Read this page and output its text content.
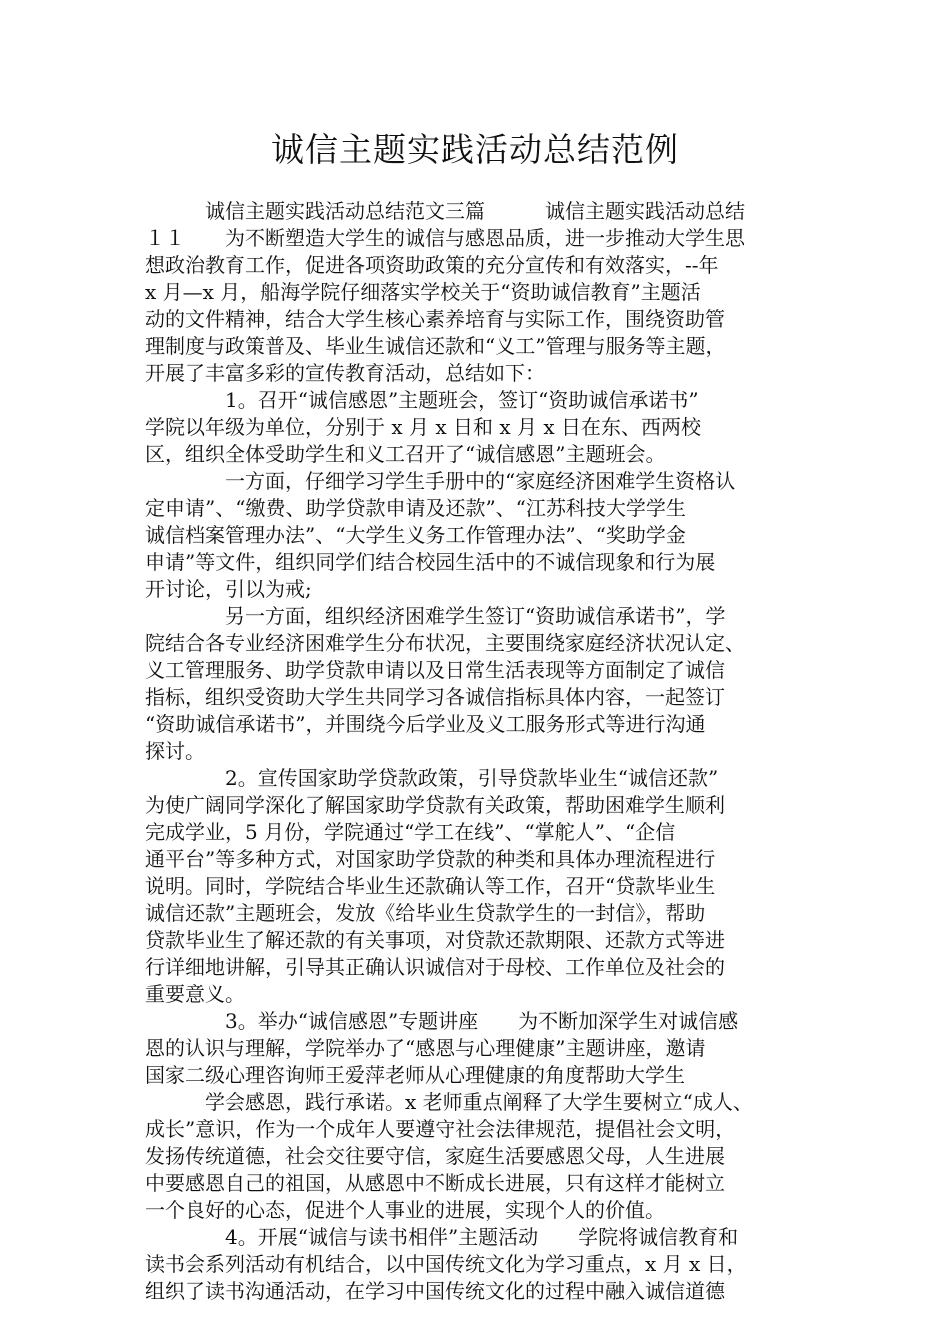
诚信主题实践活动总结范例
诚信主题实践活动总结范文三篇　　　诚信主题实践活动总结
１１　　为不断塑造大学生的诚信与感恩品质，进一步推动大学生思
想政治教育工作，促进各项资助政策的充分宣传和有效落实，--年
x 月—x 月，船海学院仔细落实学校关于“资助诚信教育”主题活
动的文件精神，结合大学生核心素养培育与实际工作，围绕资助管
理制度与政策普及、毕业生诚信还款和“义工”管理与服务等主题，
开展了丰富多彩的宣传教育活动，总结如下：
1。召开“诚信感恩”主题班会，签订“资助诚信承诺书”
学院以年级为单位，分别于 x 月 x 日和 x 月 x 日在东、西两校
区，组织全体受助学生和义工召开了“诚信感恩”主题班会。
一方面，仔细学习学生手册中的“家庭经济困难学生资格认
定申请”、“缴费、助学贷款申请及还款”、“江苏科技大学学生
诚信档案管理办法”、“大学生义务工作管理办法”、“奖助学金
申请”等文件，组织同学们结合校园生活中的不诚信现象和行为展
开讨论，引以为戒;
另一方面，组织经济困难学生签订“资助诚信承诺书”，学
院结合各专业经济困难学生分布状况，主要围绕家庭经济状况认定、
义工管理服务、助学贷款申请以及日常生活表现等方面制定了诚信
指标，组织受资助大学生共同学习各诚信指标具体内容，一起签订
“资助诚信承诺书”，并围绕今后学业及义工服务形式等进行沟通
探讨。
2。宣传国家助学贷款政策，引导贷款毕业生“诚信还款”
为使广阔同学深化了解国家助学贷款有关政策，帮助困难学生顺利
完成学业，5 月份，学院通过“学工在线”、“掌舵人”、“企信
通平台”等多种方式，对国家助学贷款的种类和具体办理流程进行
说明。同时，学院结合毕业生还款确认等工作，召开“贷款毕业生
诚信还款”主题班会，发放《给毕业生贷款学生的一封信》，帮助
贷款毕业生了解还款的有关事项，对贷款还款期限、还款方式等进
行详细地讲解，引导其正确认识诚信对于母校、工作单位及社会的
重要意义。
3。举办“诚信感恩”专题讲座　　为不断加深学生对诚信感
恩的认识与理解，学院举办了“感恩与心理健康”主题讲座，邀请
国家二级心理咨询师王爱萍老师从心理健康的角度帮助大学生
学会感恩，践行承诺。x 老师重点阐释了大学生要树立“成人、
成长”意识，作为一个成年人要遵守社会法律规范，提倡社会文明，
发扬传统道德，社会交往要守信，家庭生活要感恩父母，人生进展
中要感恩自己的祖国，从感恩中不断成长进展，只有这样才能树立
一个良好的心态，促进个人事业的进展，实现个人的价值。
4。开展“诚信与读书相伴”主题活动　　学院将诚信教育和
读书会系列活动有机结合，以中国传统文化为学习重点，x 月 x 日，
组织了读书沟通活动，在学习中国传统文化的过程中融入诚信道德
